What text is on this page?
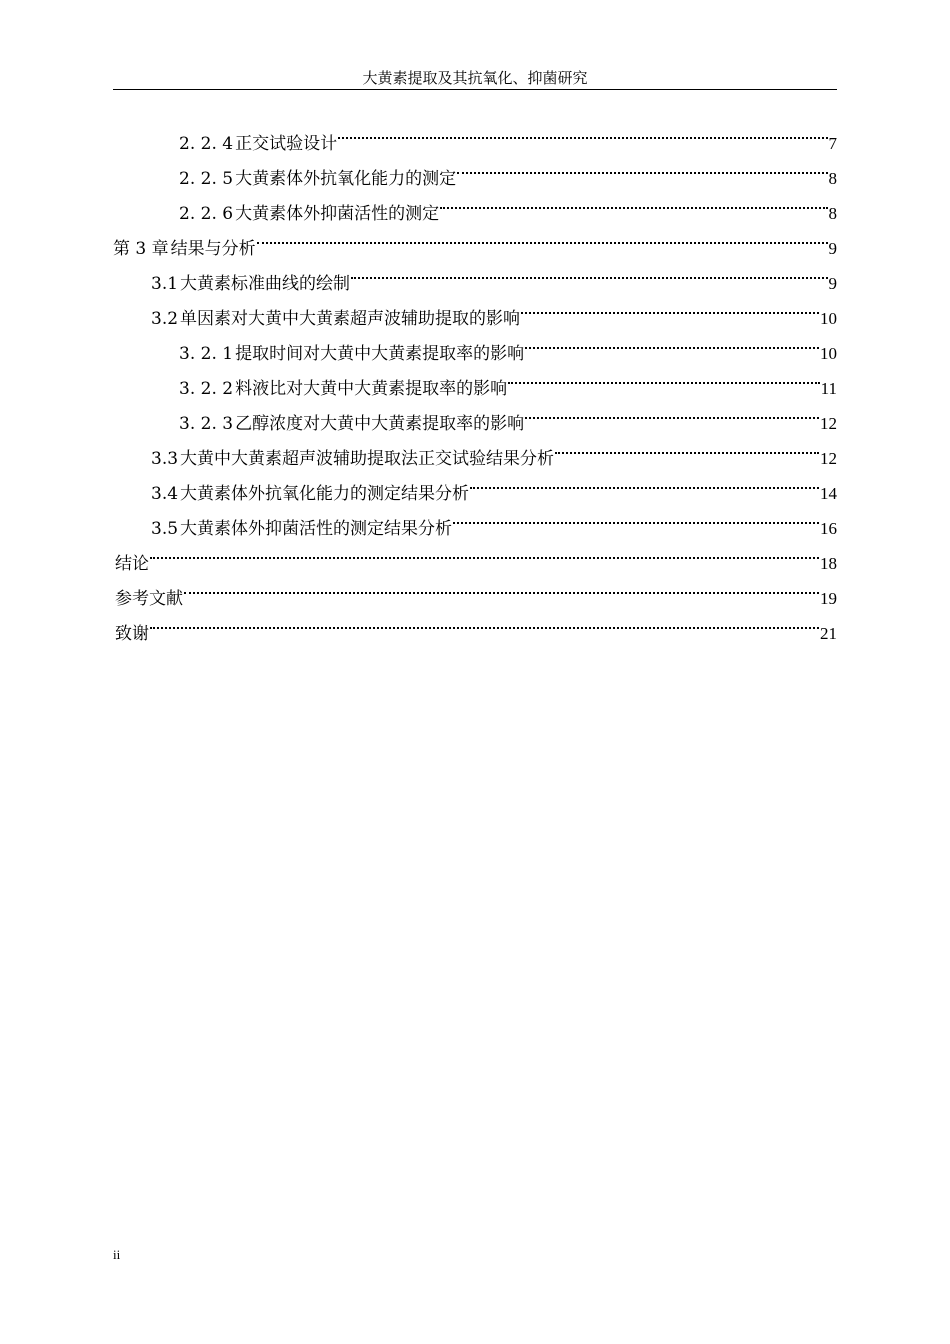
大黄素提取及其抗氧化、抑菌研究
2. 2. 4 正交试验设计	7
2. 2. 5 大黄素体外抗氧化能力的测定	8
2. 2. 6 大黄素体外抑菌活性的测定	8
第 3 章 结果与分析	9
3.1 大黄素标准曲线的绘制	9
3.2 单因素对大黄中大黄素超声波辅助提取的影响	10
3. 2. 1 提取时间对大黄中大黄素提取率的影响	10
3. 2. 2 料液比对大黄中大黄素提取率的影响	11
3. 2. 3 乙醇浓度对大黄中大黄素提取率的影响	12
3.3 大黄中大黄素超声波辅助提取法正交试验结果分析	12
3.4 大黄素体外抗氧化能力的测定结果分析	14
3.5 大黄素体外抑菌活性的测定结果分析	16
结论	18
参考文献	19
致谢	21
ii
